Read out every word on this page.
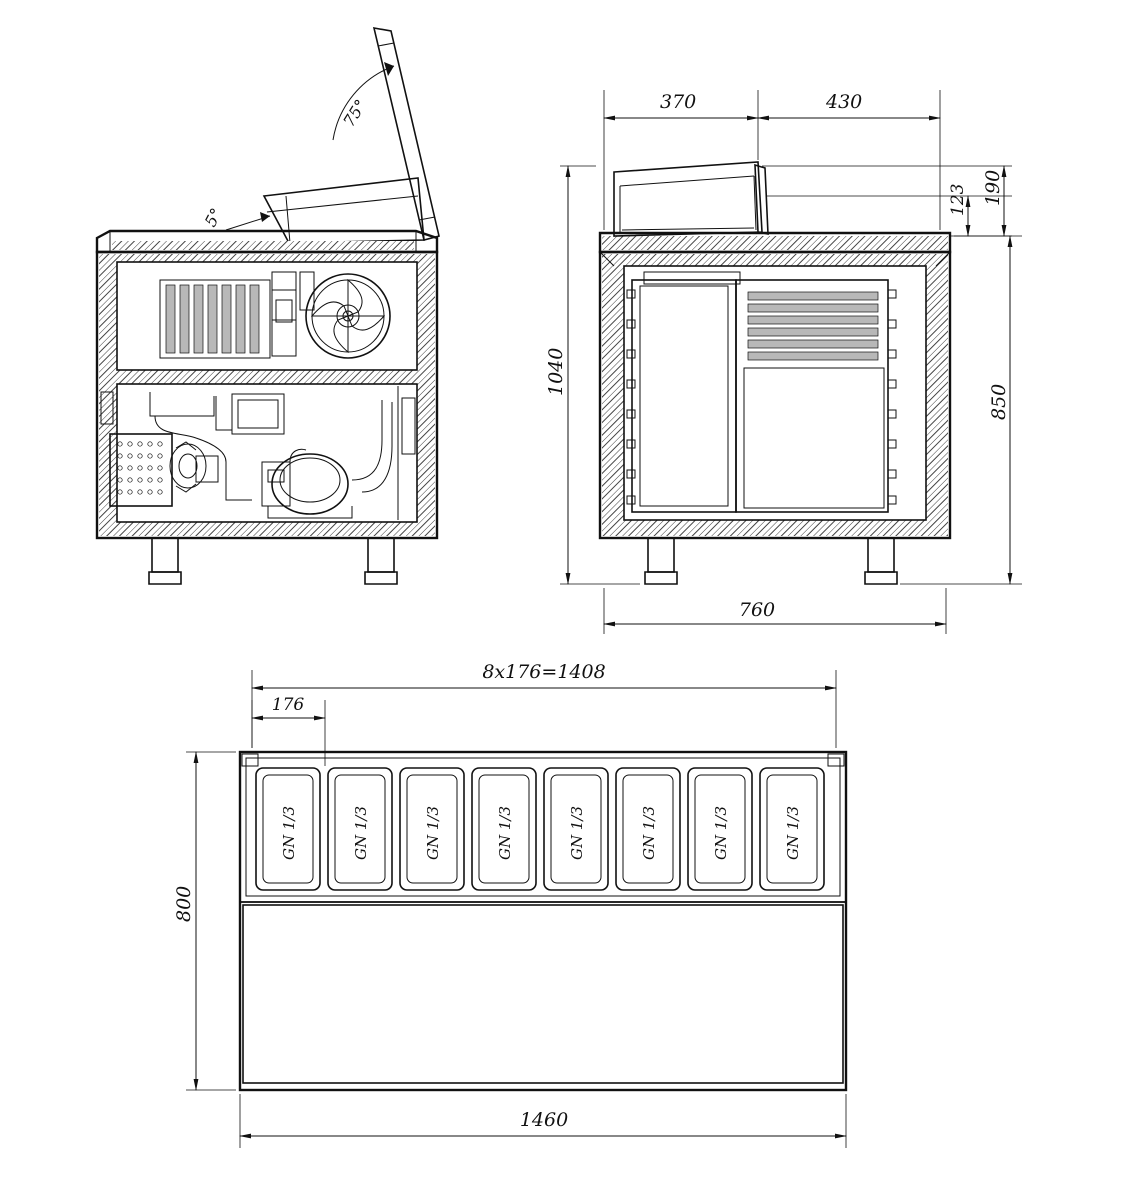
75°
5°
370	430
123 190
1040
850
760
GN 1/3	GN 1/3	GN 1/3	GN 1/3	GN 1/3	GN 1/3	GN 1/3	GN 1/3
8x176=1408
176
800
1460
